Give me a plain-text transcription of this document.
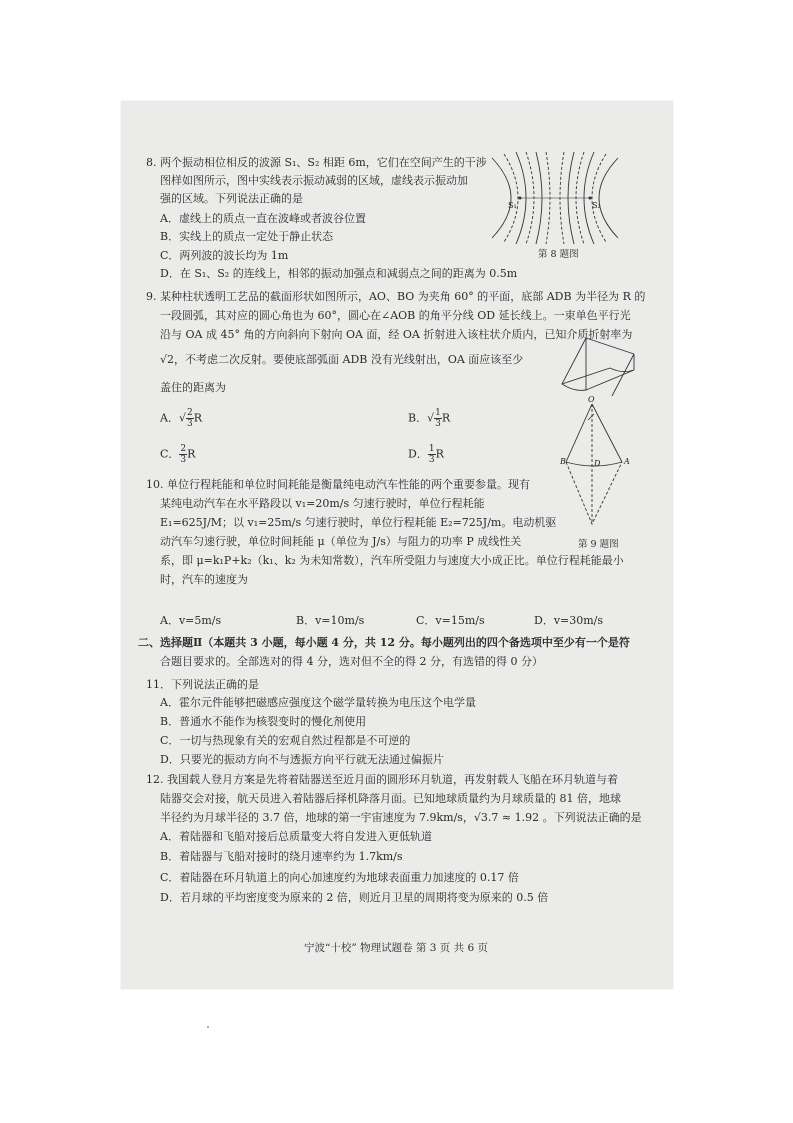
8. 两个振动相位相反的波源 S₁、S₂ 相距 6m，它们在空间产生的干涉
图样如图所示，图中实线表示振动减弱的区域，虚线表示振动加
强的区域。下列说法正确的是
A．虚线上的质点一直在波峰或者波谷位置
B．实线上的质点一定处于静止状态
C．两列波的波长均为 1m
D．在 S₁、S₂ 的连线上，相邻的振动加强点和减弱点之间的距离为 0.5m
S₁	S₂
第 8 题图
9. 某种柱状透明工艺品的截面形状如图所示，AO、BO 为夹角 60° 的平面，底部 ADB 为半径为 R 的
一段圆弧，其对应的圆心角也为 60°，圆心在∠AOB 的角平分线 OD 延长线上。一束单色平行光
沿与 OA 成 45° 角的方向斜向下射向 OA 面，经 OA 折射进入该柱状介质内，已知介质折射率为
√2，不考虑二次反射。要使底部弧面 ADB 没有光线射出，OA 面应该至少
盖住的距离为
A．√ $\frac{2}{3}$ R	B．√ $\frac{1}{3}$ R
C． $\frac{2}{3}$ R	D． $\frac{1}{3}$ R
O
B	A
D
第 9 题图
10. 单位行程耗能和单位时间耗能是衡量纯电动汽车性能的两个重要参量。现有
某纯电动汽车在水平路段以 v₁=20m/s 匀速行驶时，单位行程耗能
E₁=625J/M；以 v₁=25m/s 匀速行驶时，单位行程耗能 E₂=725J/m。电动机驱
动汽车匀速行驶，单位时间耗能 μ（单位为 J/s）与阻力的功率 P 成线性关
系，即 μ=k₁P+k₂（k₁、k₂ 为未知常数），汽车所受阻力与速度大小成正比。单位行程耗能最小
时，汽车的速度为
A．v=5m/s	B．v=10m/s	C．v=15m/s	D．v=30m/s
二、选择题Ⅱ（本题共 3 小题，每小题 4 分，共 12 分。每小题列出的四个备选项中至少有一个是符
合题目要求的。全部选对的得 4 分，选对但不全的得 2 分，有选错的得 0 分）
11．下列说法正确的是
A．霍尔元件能够把磁感应强度这个磁学量转换为电压这个电学量
B．普通水不能作为核裂变时的慢化剂使用
C．一切与热现象有关的宏观自然过程都是不可逆的
D．只要光的振动方向不与透振方向平行就无法通过偏振片
12. 我国载人登月方案是先将着陆器送至近月面的圆形环月轨道，再发射载人飞船在环月轨道与着
陆器交会对接，航天员进入着陆器后择机降落月面。已知地球质量约为月球质量的 81 倍，地球
半径约为月球半径的 3.7 倍，地球的第一宇宙速度为 7.9km/s，√3.7 ≈ 1.92 。下列说法正确的是
A．着陆器和飞船对接后总质量变大将自发进入更低轨道
B．着陆器与飞船对接时的绕月速率约为 1.7km/s
C．着陆器在环月轨道上的向心加速度约为地球表面重力加速度的 0.17 倍
D．若月球的平均密度变为原来的 2 倍，则近月卫星的周期将变为原来的 0.5 倍
宁波“十校” 物理试题卷 第 3 页 共 6 页
